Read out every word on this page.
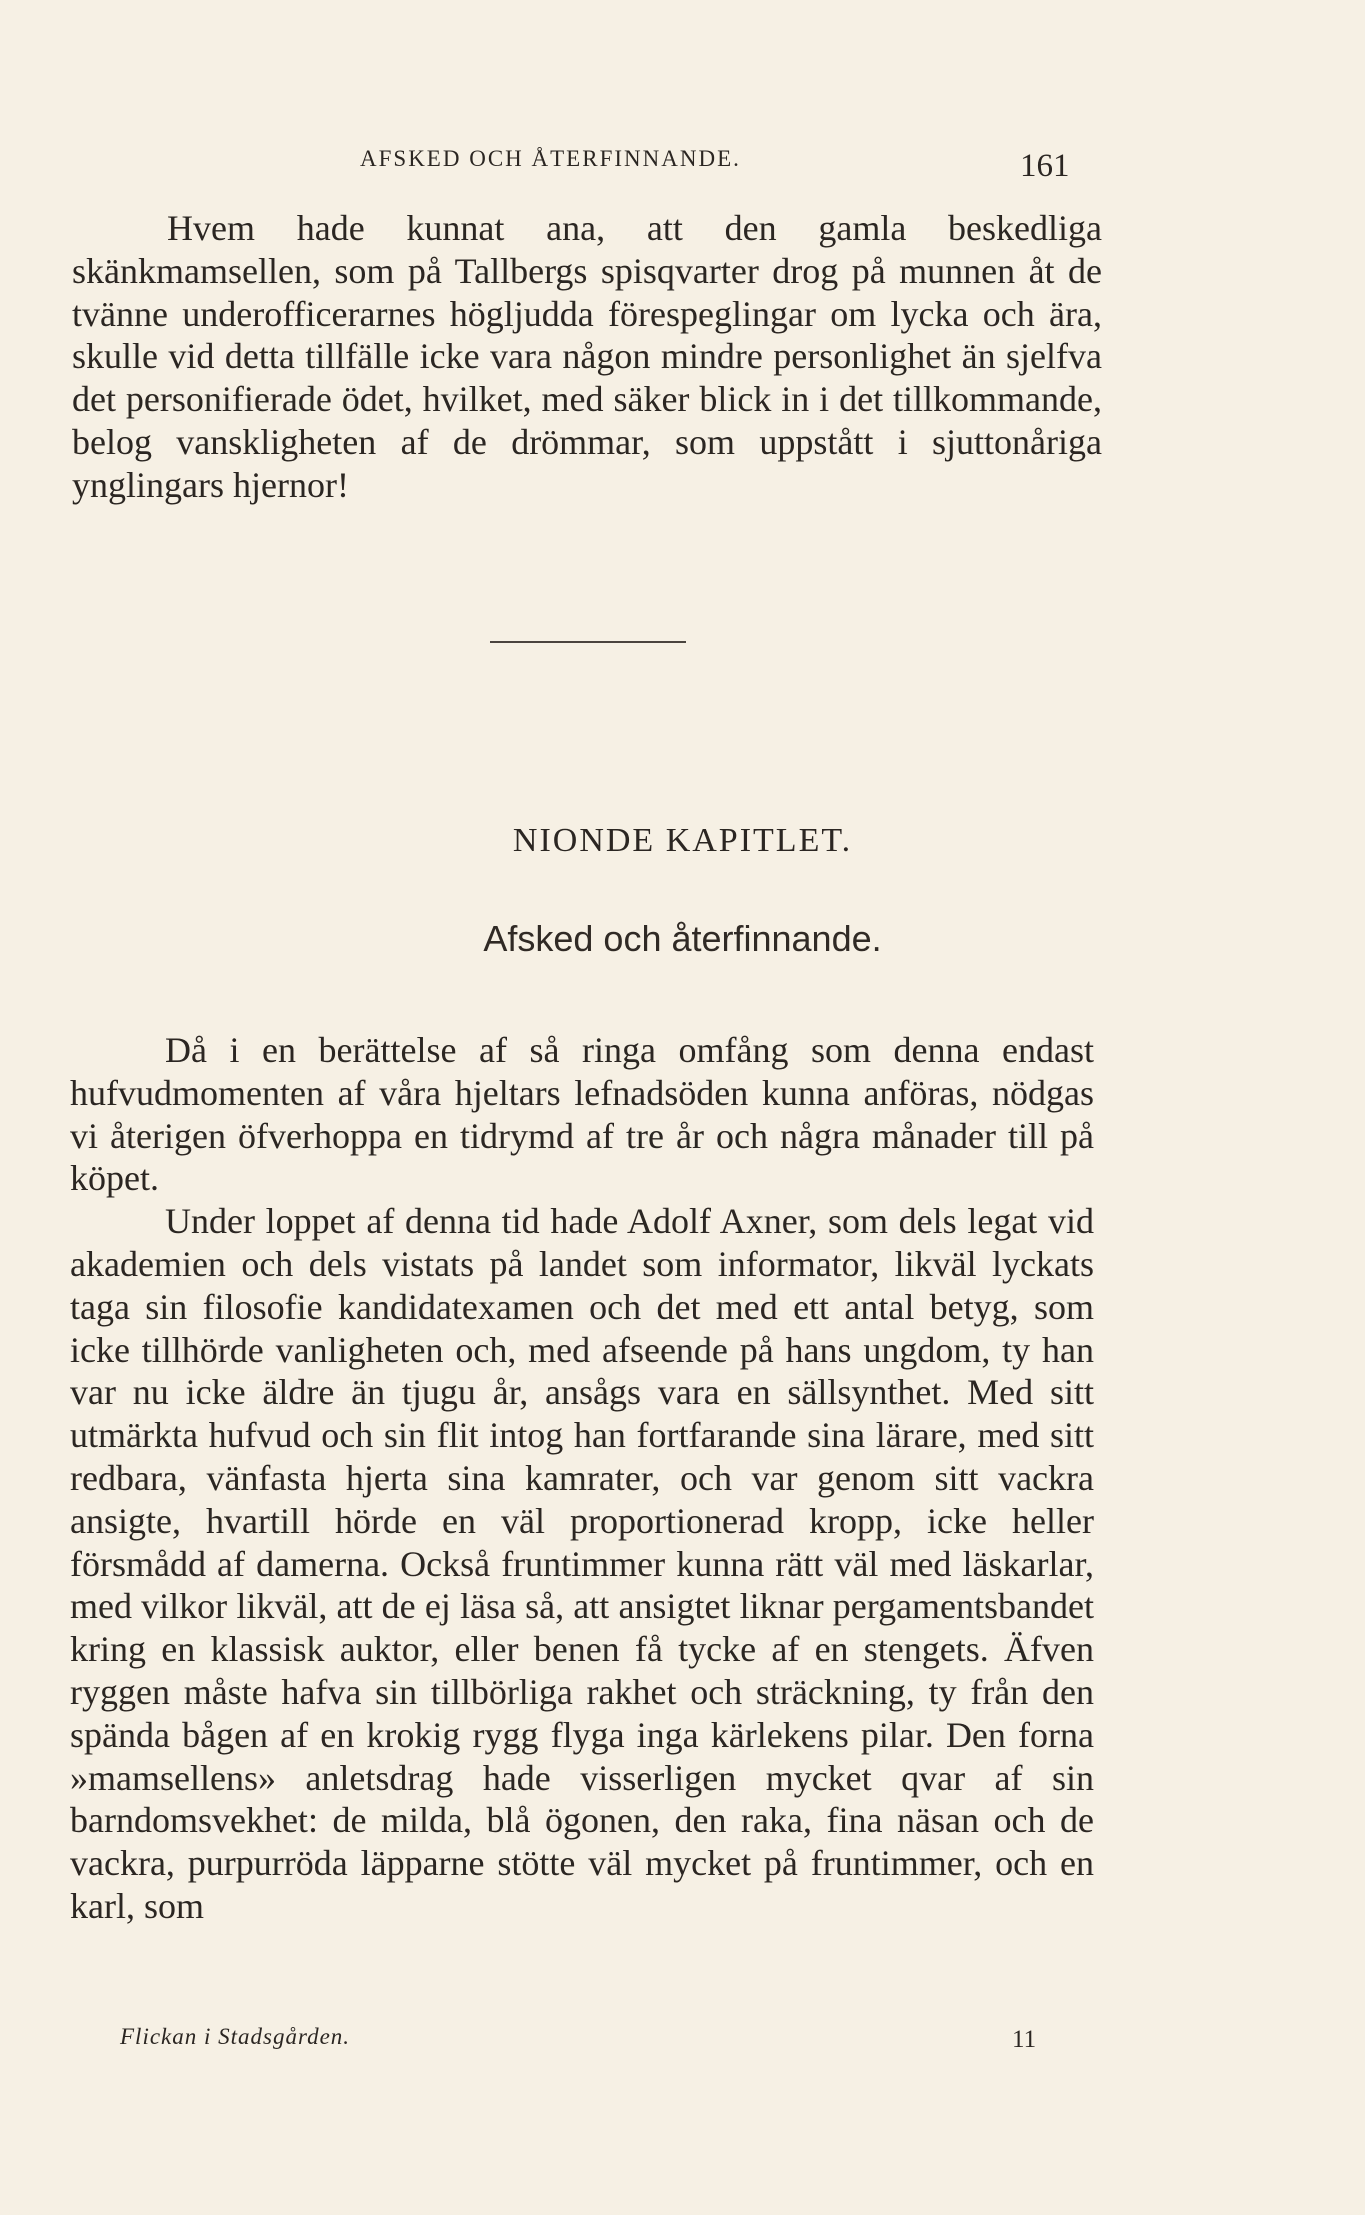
AFSKED OCH ÅTERFINNANDE.	161

Hvem hade kunnat ana, att den gamla beskedliga skänkmamsellen, som på Tallbergs spisqvarter drog på munnen åt de tvänne underofficerarnes högljudda förespeglingar om lycka och ära, skulle vid detta tillfälle icke vara någon mindre personlighet än sjelfva det personifierade ödet, hvilket, med säker blick in i det tillkommande, belog vanskligheten af de drömmar, som uppstått i sjuttonåriga ynglingars hjernor!

NIONDE KAPITLET.
Afsked och återfinnande.

Då i en berättelse af så ringa omfång som denna endast hufvudmomenten af våra hjeltars lefnadsöden kunna anföras, nödgas vi återigen öfverhoppa en tidrymd af tre år och några månader till på köpet.

Under loppet af denna tid hade Adolf Axner, som dels legat vid akademien och dels vistats på landet som informator, likväl lyckats taga sin filosofie kandidatexamen och det med ett antal betyg, som icke tillhörde vanligheten och, med afseende på hans ungdom, ty han var nu icke äldre än tjugu år, ansågs vara en sällsynthet. Med sitt utmärkta hufvud och sin flit intog han fortfarande sina lärare, med sitt redbara, vänfasta hjerta sina kamrater, och var genom sitt vackra ansigte, hvartill hörde en väl proportionerad kropp, icke heller försmådd af damerna. Också fruntimmer kunna rätt väl med läskarlar, med vilkor likväl, att de ej läsa så, att ansigtet liknar pergamentsbandet kring en klassisk auktor, eller benen få tycke af en stengets. Äfven ryggen måste hafva sin tillbörliga rakhet och sträckning, ty från den spända bågen af en krokig rygg flyga inga kärlekens pilar. Den forna »mamsellens» anletsdrag hade visserligen mycket qvar af sin barndomsvekhet: de milda, blå ögonen, den raka, fina näsan och de vackra, purpurröda läpparne stötte väl mycket på fruntimmer, och en karl, som

Flickan i Stadsgården.	11
